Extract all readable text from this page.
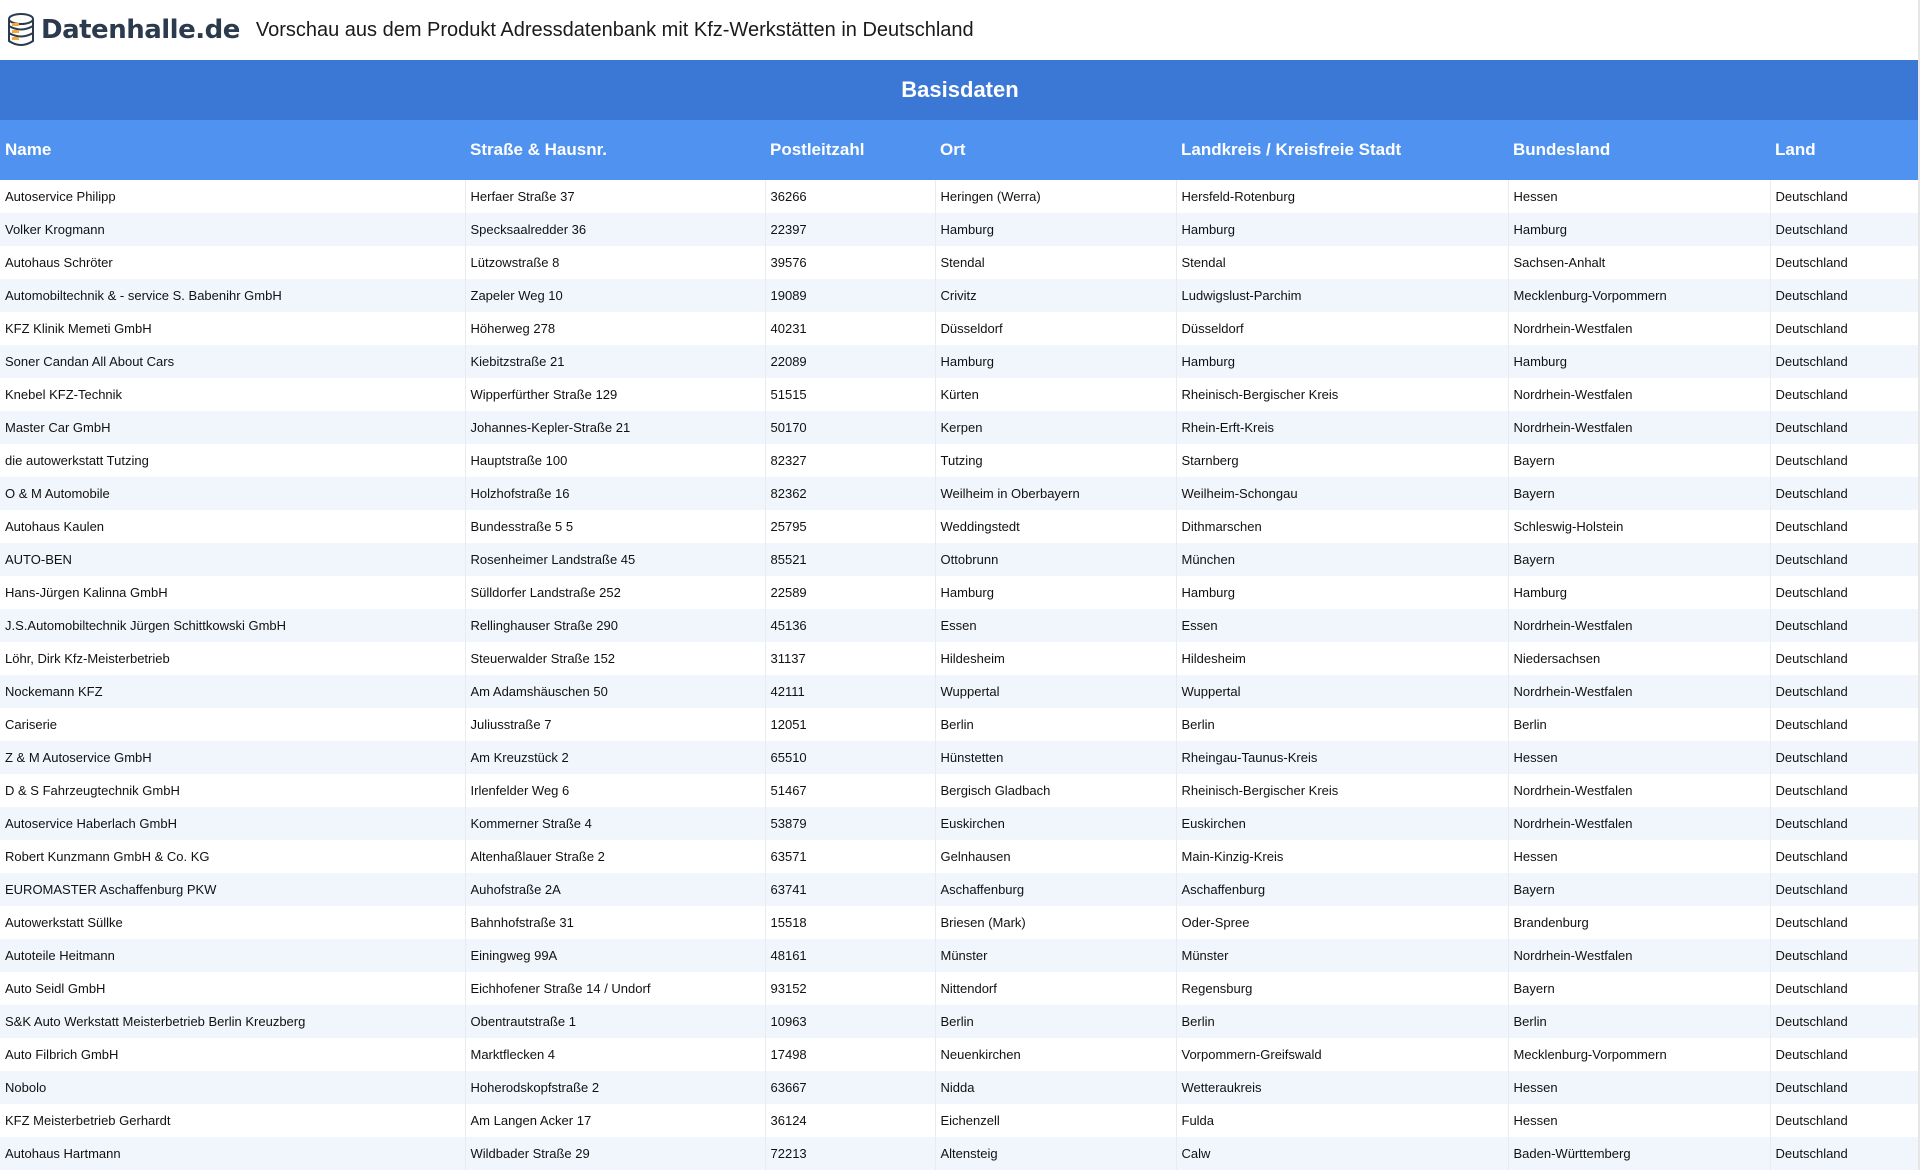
Datenhalle.de Vorschau aus dem Produkt Adressdatenbank mit Kfz-Werkstätten in Deutschland
Basisdaten
Name	Straße & Hausnr.	Postleitzahl	Ort	Landkreis / Kreisfreie Stadt	Bundesland	Land
Autoservice Philipp	Herfaer Straße 37	36266	Heringen (Werra)	Hersfeld-Rotenburg	Hessen	Deutschland
Volker Krogmann	Specksaalredder 36	22397	Hamburg	Hamburg	Hamburg	Deutschland
Autohaus Schröter	Lützowstraße 8	39576	Stendal	Stendal	Sachsen-Anhalt	Deutschland
Automobiltechnik & - service S. Babenihr GmbH	Zapeler Weg 10	19089	Crivitz	Ludwigslust-Parchim	Mecklenburg-Vorpommern	Deutschland
KFZ Klinik Memeti GmbH	Höherweg 278	40231	Düsseldorf	Düsseldorf	Nordrhein-Westfalen	Deutschland
Soner Candan All About Cars	Kiebitzstraße 21	22089	Hamburg	Hamburg	Hamburg	Deutschland
Knebel KFZ-Technik	Wipperfürther Straße 129	51515	Kürten	Rheinisch-Bergischer Kreis	Nordrhein-Westfalen	Deutschland
Master Car GmbH	Johannes-Kepler-Straße 21	50170	Kerpen	Rhein-Erft-Kreis	Nordrhein-Westfalen	Deutschland
die autowerkstatt Tutzing	Hauptstraße 100	82327	Tutzing	Starnberg	Bayern	Deutschland
O & M Automobile	Holzhofstraße 16	82362	Weilheim in Oberbayern	Weilheim-Schongau	Bayern	Deutschland
Autohaus Kaulen	Bundesstraße 5 5	25795	Weddingstedt	Dithmarschen	Schleswig-Holstein	Deutschland
AUTO-BEN	Rosenheimer Landstraße 45	85521	Ottobrunn	München	Bayern	Deutschland
Hans-Jürgen Kalinna GmbH	Sülldorfer Landstraße 252	22589	Hamburg	Hamburg	Hamburg	Deutschland
J.S.Automobiltechnik Jürgen Schittkowski GmbH	Rellinghauser Straße 290	45136	Essen	Essen	Nordrhein-Westfalen	Deutschland
Löhr, Dirk Kfz-Meisterbetrieb	Steuerwalder Straße 152	31137	Hildesheim	Hildesheim	Niedersachsen	Deutschland
Nockemann KFZ	Am Adamshäuschen 50	42111	Wuppertal	Wuppertal	Nordrhein-Westfalen	Deutschland
Cariserie	Juliusstraße 7	12051	Berlin	Berlin	Berlin	Deutschland
Z & M Autoservice GmbH	Am Kreuzstück 2	65510	Hünstetten	Rheingau-Taunus-Kreis	Hessen	Deutschland
D & S Fahrzeugtechnik GmbH	Irlenfelder Weg 6	51467	Bergisch Gladbach	Rheinisch-Bergischer Kreis	Nordrhein-Westfalen	Deutschland
Autoservice Haberlach GmbH	Kommerner Straße 4	53879	Euskirchen	Euskirchen	Nordrhein-Westfalen	Deutschland
Robert Kunzmann GmbH & Co. KG	Altenhaßlauer Straße 2	63571	Gelnhausen	Main-Kinzig-Kreis	Hessen	Deutschland
EUROMASTER Aschaffenburg PKW	Auhofstraße 2A	63741	Aschaffenburg	Aschaffenburg	Bayern	Deutschland
Autowerkstatt Süllke	Bahnhofstraße 31	15518	Briesen (Mark)	Oder-Spree	Brandenburg	Deutschland
Autoteile Heitmann	Einingweg 99A	48161	Münster	Münster	Nordrhein-Westfalen	Deutschland
Auto Seidl GmbH	Eichhofener Straße 14 / Undorf	93152	Nittendorf	Regensburg	Bayern	Deutschland
S&K Auto Werkstatt Meisterbetrieb Berlin Kreuzberg	Obentrautstraße 1	10963	Berlin	Berlin	Berlin	Deutschland
Auto Filbrich GmbH	Marktflecken 4	17498	Neuenkirchen	Vorpommern-Greifswald	Mecklenburg-Vorpommern	Deutschland
Nobolo	Hoherodskopfstraße 2	63667	Nidda	Wetteraukreis	Hessen	Deutschland
KFZ Meisterbetrieb Gerhardt	Am Langen Acker 17	36124	Eichenzell	Fulda	Hessen	Deutschland
Autohaus Hartmann	Wildbader Straße 29	72213	Altensteig	Calw	Baden-Württemberg	Deutschland
